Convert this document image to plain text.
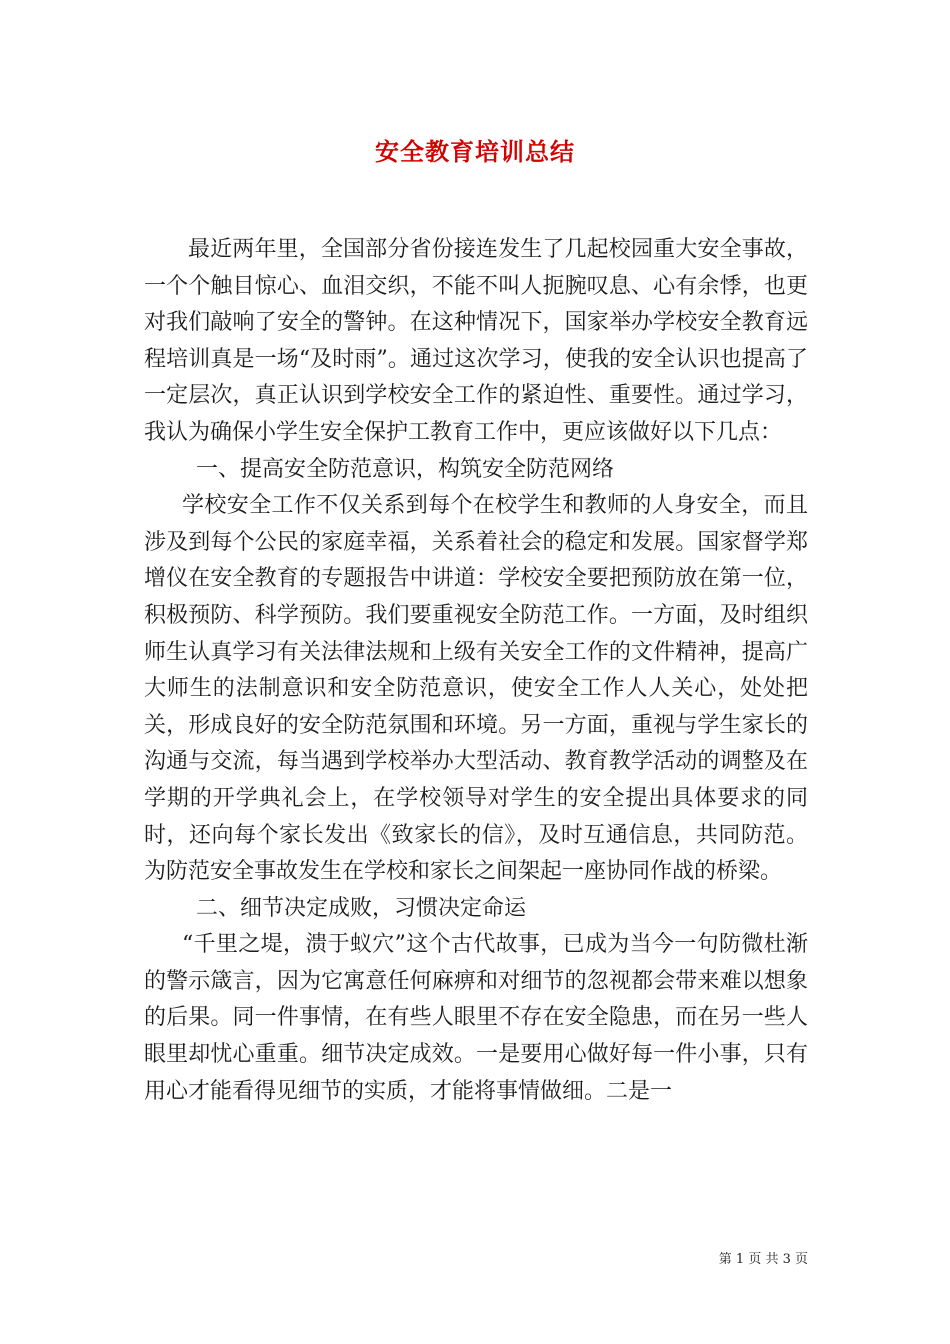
安全教育培训总结

最近两年里，全国部分省份接连发生了几起校园重大安全事故，一个个触目惊心、血泪交织，不能不叫人扼腕叹息、心有余悸，也更对我们敲响了安全的警钟。在这种情况下，国家举办学校安全教育远程培训真是一场“及时雨”。通过这次学习，使我的安全认识也提高了一定层次，真正认识到学校安全工作的紧迫性、重要性。通过学习，我认为确保小学生安全保护工教育工作中，更应该做好以下几点：

一、提高安全防范意识，构筑安全防范网络

学校安全工作不仅关系到每个在校学生和教师的人身安全，而且涉及到每个公民的家庭幸福，关系着社会的稳定和发展。国家督学郑增仪在安全教育的专题报告中讲道：学校安全要把预防放在第一位，积极预防、科学预防。我们要重视安全防范工作。一方面，及时组织师生认真学习有关法律法规和上级有关安全工作的文件精神，提高广大师生的法制意识和安全防范意识，使安全工作人人关心，处处把关，形成良好的安全防范氛围和环境。另一方面，重视与学生家长的沟通与交流，每当遇到学校举办大型活动、教育教学活动的调整及在学期的开学典礼会上，在学校领导对学生的安全提出具体要求的同时，还向每个家长发出《致家长的信》，及时互通信息，共同防范。为防范安全事故发生在学校和家长之间架起一座协同作战的桥梁。

二、细节决定成败，习惯决定命运

“千里之堤，溃于蚁穴”这个古代故事，已成为当今一句防微杜渐的警示箴言，因为它寓意任何麻痹和对细节的忽视都会带来难以想象的后果。同一件事情，在有些人眼里不存在安全隐患，而在另一些人眼里却忧心重重。细节决定成效。一是要用心做好每一件小事，只有用心才能看得见细节的实质，才能将事情做细。二是一

第 1 页 共 3 页
